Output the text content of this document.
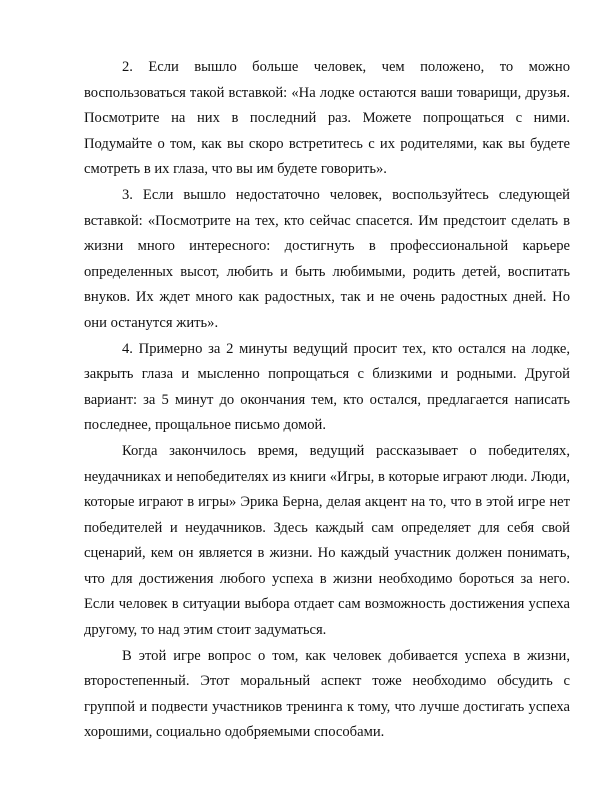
2. Если вышло больше человек, чем положено, то можно воспользоваться такой вставкой: «На лодке остаются ваши товарищи, друзья. Посмотрите на них в последний раз. Можете попрощаться с ними. Подумайте о том, как вы скоро встретитесь с их родителями, как вы будете смотреть в их глаза, что вы им будете говорить».

3. Если вышло недостаточно человек, воспользуйтесь следующей вставкой: «Посмотрите на тех, кто сейчас спасется. Им предстоит сделать в жизни много интересного: достигнуть в профессиональной карьере определенных высот, любить и быть любимыми, родить детей, воспитать внуков. Их ждет много как радостных, так и не очень радостных дней. Но они останутся жить».

4. Примерно за 2 минуты ведущий просит тех, кто остался на лодке, закрыть глаза и мысленно попрощаться с близкими и родными. Другой вариант: за 5 минут до окончания тем, кто остался, предлагается написать последнее, прощальное письмо домой.

Когда закончилось время, ведущий рассказывает о победителях, неудачниках и непобедителях из книги «Игры, в которые играют люди. Люди, которые играют в игры» Эрика Берна, делая акцент на то, что в этой игре нет победителей и неудачников. Здесь каждый сам определяет для себя свой сценарий, кем он является в жизни. Но каждый участник должен понимать, что для достижения любого успеха в жизни необходимо бороться за него. Если человек в ситуации выбора отдает сам возможность достижения успеха другому, то над этим стоит задуматься.

В этой игре вопрос о том, как человек добивается успеха в жизни, второстепенный. Этот моральный аспект тоже необходимо обсудить с группой и подвести участников тренинга к тому, что лучше достигать успеха хорошими, социально одобряемыми способами.
